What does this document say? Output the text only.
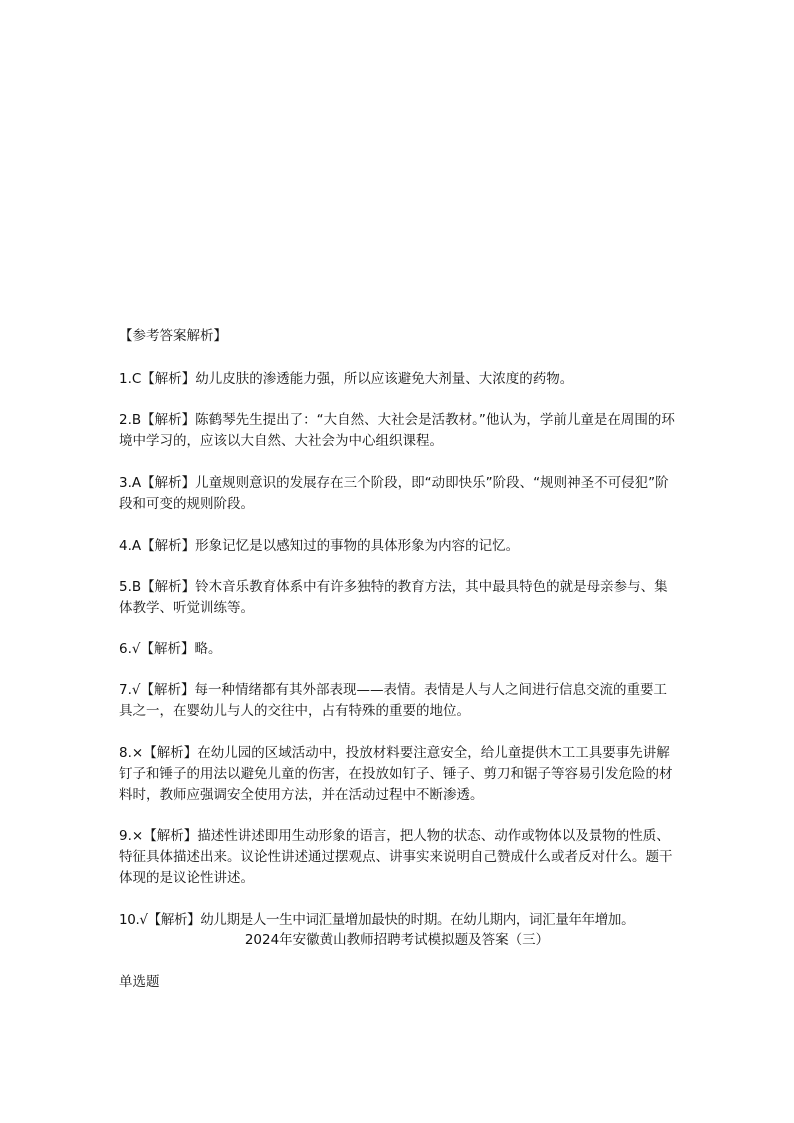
【参考答案解析】

1.C【解析】幼儿皮肤的渗透能力强，所以应该避免大剂量、大浓度的药物。

2.B【解析】陈鹤琴先生提出了：“大自然、大社会是活教材。”他认为，学前儿童是在周围的环境中学习的，应该以大自然、大社会为中心组织课程。

3.A【解析】儿童规则意识的发展存在三个阶段，即“动即快乐”阶段、“规则神圣不可侵犯”阶段和可变的规则阶段。

4.A【解析】形象记忆是以感知过的事物的具体形象为内容的记忆。

5.B【解析】铃木音乐教育体系中有许多独特的教育方法，其中最具特色的就是母亲参与、集体教学、听觉训练等。

6.√【解析】略。

7.√【解析】每一种情绪都有其外部表现——表情。表情是人与人之间进行信息交流的重要工具之一，在婴幼儿与人的交往中，占有特殊的重要的地位。

8.×【解析】在幼儿园的区域活动中，投放材料要注意安全，给儿童提供木工工具要事先讲解钉子和锤子的用法以避免儿童的伤害，在投放如钉子、锤子、剪刀和锯子等容易引发危险的材料时，教师应强调安全使用方法，并在活动过程中不断渗透。

9.×【解析】描述性讲述即用生动形象的语言，把人物的状态、动作或物体以及景物的性质、特征具体描述出来。议论性讲述通过摆观点、讲事实来说明自己赞成什么或者反对什么。题干体现的是议论性讲述。

10.√【解析】幼儿期是人一生中词汇量增加最快的时期。在幼儿期内，词汇量年年增加。

2024年安徽黄山教师招聘考试模拟题及答案（三）

单选题
